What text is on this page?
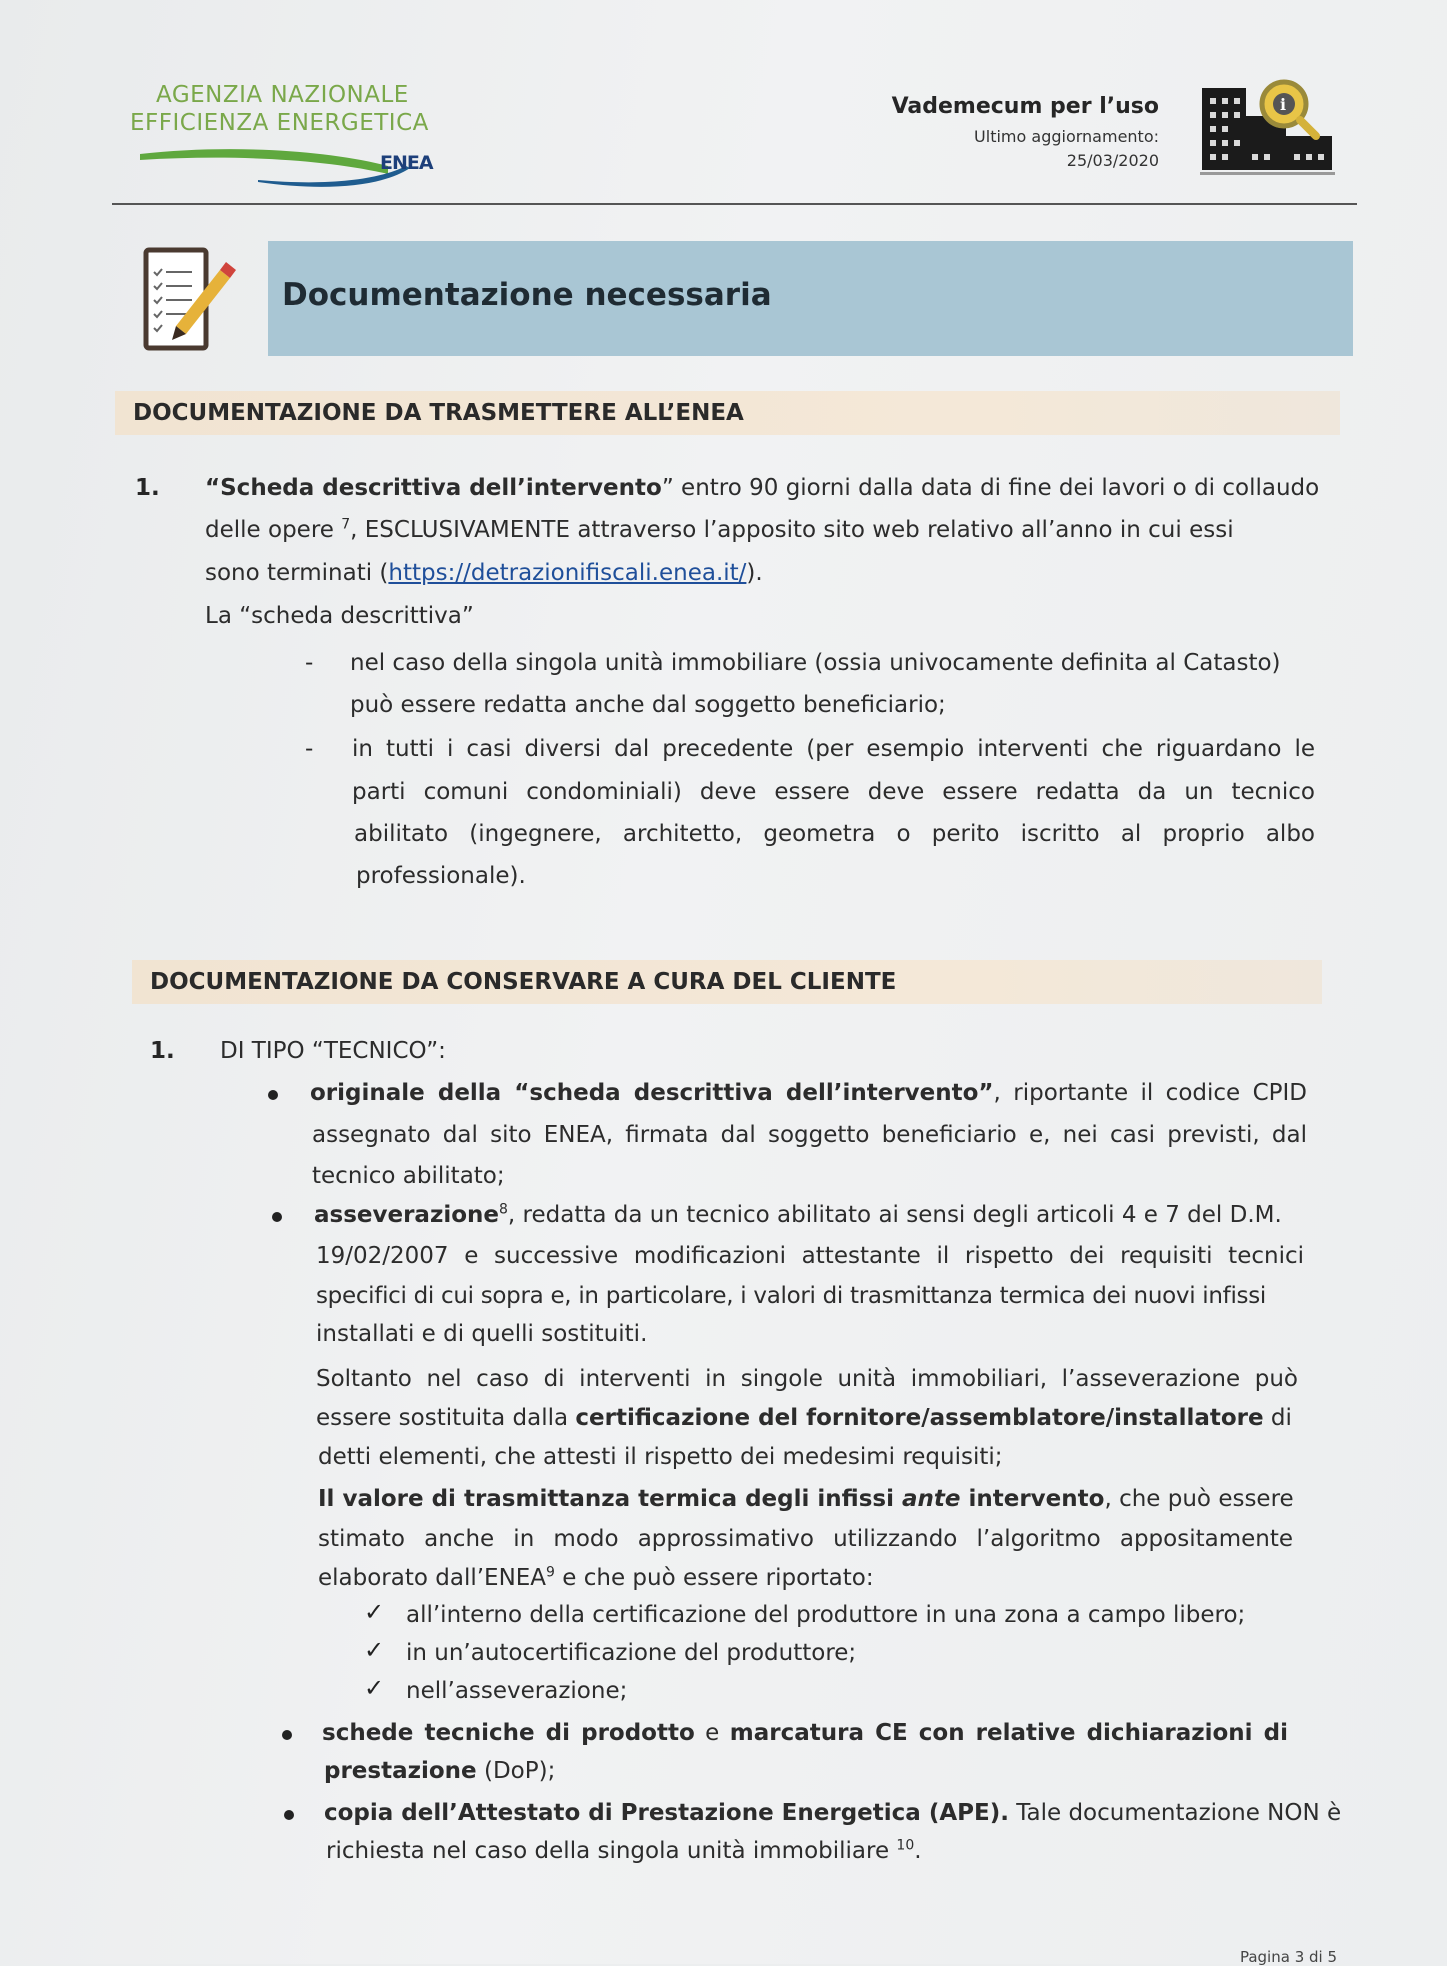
AGENZIA NAZIONALE
EFFICIENZA ENERGETICA
ENEA
Vademecum per l’uso
Ultimo aggiornamento:
25/03/2020
i
Documentazione necessaria
DOCUMENTAZIONE DA TRASMETTERE ALL’ENEA
1. “Scheda descrittiva dell’intervento” entro 90 giorni dalla data di fine dei lavori o di collaudo
delle opere $^7$, ESCLUSIVAMENTE attraverso l’apposito sito web relativo all’anno in cui essi
sono terminati (https://detrazionifiscali.enea.it/).
La “scheda descrittiva”
- nel caso della singola unità immobiliare (ossia univocamente definita al Catasto)
può essere redatta anche dal soggetto beneficiario;
- in tutti i casi diversi dal precedente (per esempio interventi che riguardano le
parti comuni condominiali) deve essere deve essere redatta da un tecnico
abilitato (ingegnere, architetto, geometra o perito iscritto al proprio albo
professionale).
DOCUMENTAZIONE DA CONSERVARE A CURA DEL CLIENTE
1. DI TIPO “TECNICO”:
originale della “scheda descrittiva dell’intervento”, riportante il codice CPID
assegnato dal sito ENEA, firmata dal soggetto beneficiario e, nei casi previsti, dal
tecnico abilitato;
asseverazione$^8$, redatta da un tecnico abilitato ai sensi degli articoli 4 e 7 del D.M.
19/02/2007 e successive modificazioni attestante il rispetto dei requisiti tecnici
specifici di cui sopra e, in particolare, i valori di trasmittanza termica dei nuovi infissi
installati e di quelli sostituiti.
Soltanto nel caso di interventi in singole unità immobiliari, l’asseverazione può
essere sostituita dalla certificazione del fornitore/assemblatore/installatore di
detti elementi, che attesti il rispetto dei medesimi requisiti;
Il valore di trasmittanza termica degli infissi ante intervento, che può essere
stimato anche in modo approssimativo utilizzando l’algoritmo appositamente
elaborato dall’ENEA$^9$ e che può essere riportato:
✓ all’interno della certificazione del produttore in una zona a campo libero;
✓ in un’autocertificazione del produttore;
✓ nell’asseverazione;
schede tecniche di prodotto e marcatura CE con relative dichiarazioni di
prestazione (DoP);
copia dell’Attestato di Prestazione Energetica (APE). Tale documentazione NON è
richiesta nel caso della singola unità immobiliare $^{10}$.
Pagina 3 di 5
